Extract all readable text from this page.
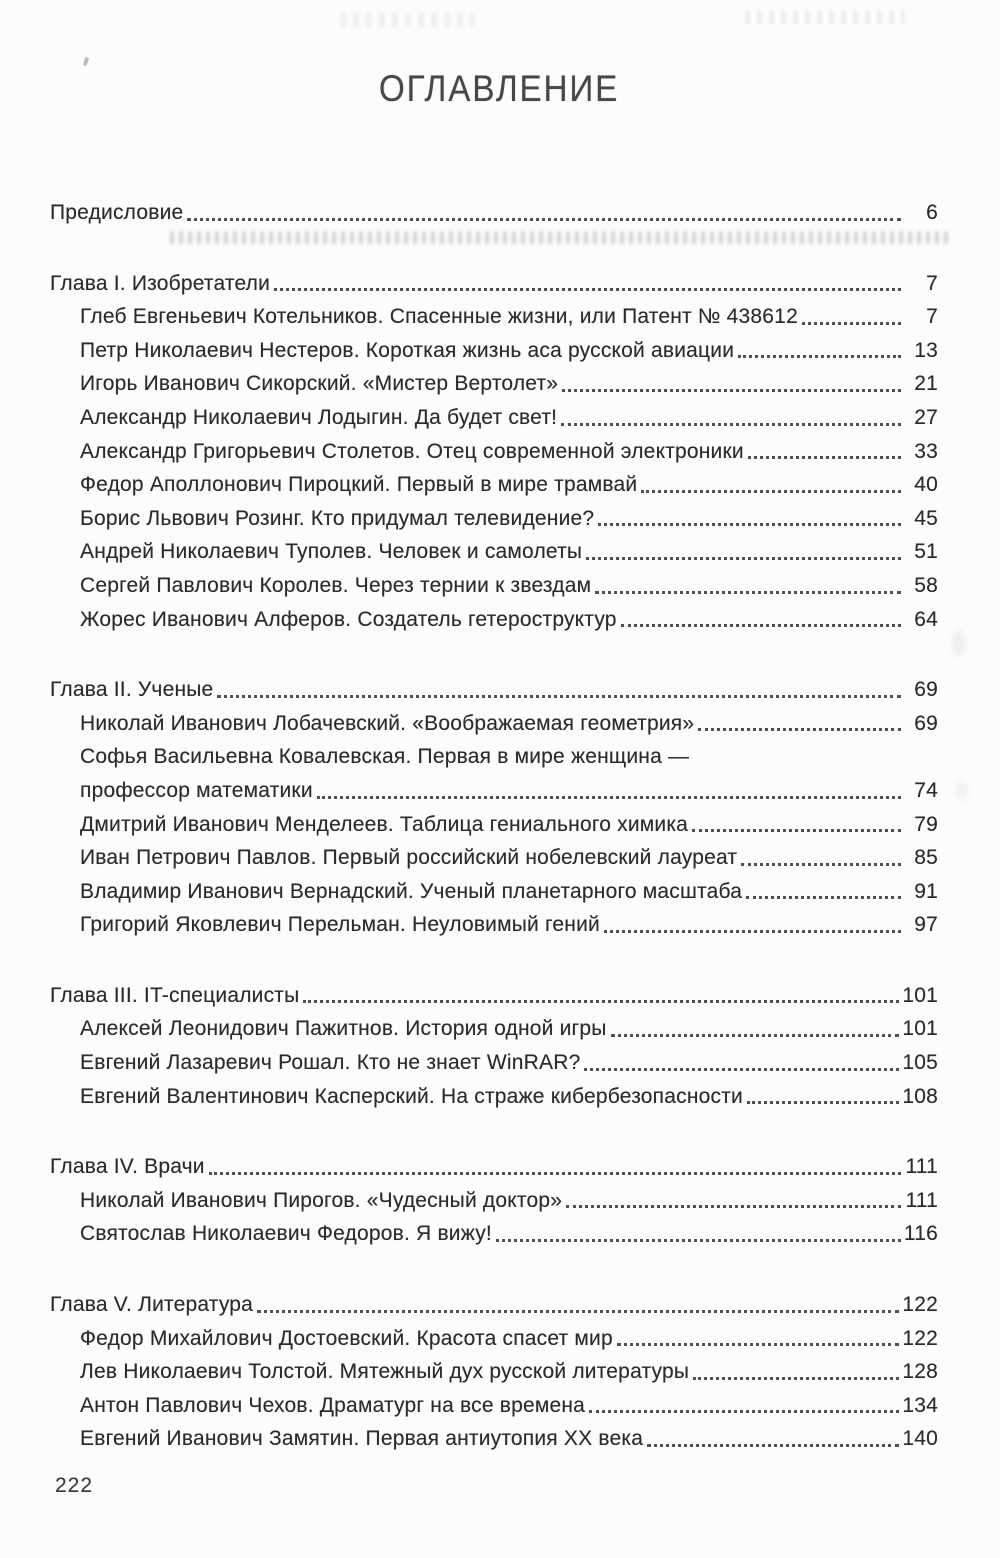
ОГЛАВЛЕНИЕ
Предисловие	6
Глава I. Изобретатели	7
Глеб Евгеньевич Котельников. Спасенные жизни, или Патент № 438612	7
Петр Николаевич Нестеров. Короткая жизнь аса русской авиации	13
Игорь Иванович Сикорский. «Мистер Вертолет»	21
Александр Николаевич Лодыгин. Да будет свет!	27
Александр Григорьевич Столетов. Отец современной электроники	33
Федор Аполлонович Пироцкий. Первый в мире трамвай	40
Борис Львович Розинг. Кто придумал телевидение?	45
Андрей Николаевич Туполев. Человек и самолеты	51
Сергей Павлович Королев. Через тернии к звездам	58
Жорес Иванович Алферов. Создатель гетероструктур	64
Глава II. Ученые	69
Николай Иванович Лобачевский. «Воображаемая геометрия»	69
Софья Васильевна Ковалевская. Первая в мире женщина —
профессор математики	74
Дмитрий Иванович Менделеев. Таблица гениального химика	79
Иван Петрович Павлов. Первый российский нобелевский лауреат	85
Владимир Иванович Вернадский. Ученый планетарного масштаба	91
Григорий Яковлевич Перельман. Неуловимый гений	97
Глава III. IT-специалисты	101
Алексей Леонидович Пажитнов. История одной игры	101
Евгений Лазаревич Рошал. Кто не знает WinRAR?	105
Евгений Валентинович Касперский. На страже кибербезопасности	108
Глава IV. Врачи	111
Николай Иванович Пирогов. «Чудесный доктор»	111
Святослав Николаевич Федоров. Я вижу!	116
Глава V. Литература	122
Федор Михайлович Достоевский. Красота спасет мир	122
Лев Николаевич Толстой. Мятежный дух русской литературы	128
Антон Павлович Чехов. Драматург на все времена	134
Евгений Иванович Замятин. Первая антиутопия XX века	140
222
